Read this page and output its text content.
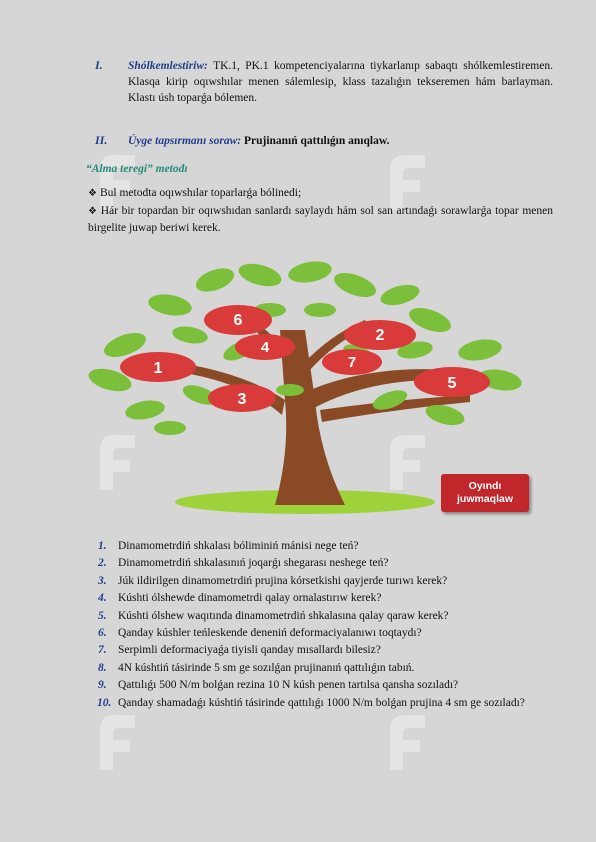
I. Shólkemlestiriw: TK.1, PK.1 kompetenciyalarına tiykarlanıp sabaqtı shólkemlestiremen. Klasqa kirip oqıwshılar menen sálemlesip, klass tazalıǵın tekseremen hám barlayman. Klastı úsh toparǵa bólemen.
II. Úyge tapsırmanı soraw: Prujinanıń qattılıǵın anıqlaw.
“Alma teregi” metodı
❖ Bul metodta oqıwshılar toparlarǵa bólinedi;
❖ Hár bir topardan bir oqıwshıdan sanlardı saylaydı hám sol san artındaǵı sorawlarǵa topar menen birgelite juwap beriwi kerek.
6
2
4
7
1
3
5
Oyındı
juwmaqlaw
1. Dinamometrdiń shkalası bóliminiń mánisi nege teń?
2. Dinamometrdiń shkalasınıń joqarǵı shegarası neshege teń?
3. Júk ildirilgen dinamometrdiń prujina kórsetkishi qayjerde turıwı kerek?
4. Kúshti ólshewde dinamometrdi qalay ornalastırıw kerek?
5. Kúshti ólshew waqıtında dinamometrdiń shkalasına qalay qaraw kerek?
6. Qanday kúshler teńleskende deneniń deformaciyalanıwı toqtaydı?
7. Serpimli deformaciyaǵa tiyisli qanday mısallardı bilesiz?
8. 4N kúshtiń tásirinde 5 sm ge sozılǵan prujinanıń qattılıǵın tabıń.
9. Qattılıǵı 500 N/m bolǵan rezina 10 N kúsh penen tartılsa qansha sozıladı?
10. Qanday shamadaǵı kúshtiń tásirinde qattılıǵı 1000 N/m bolǵan prujina 4 sm ge sozıladı?
